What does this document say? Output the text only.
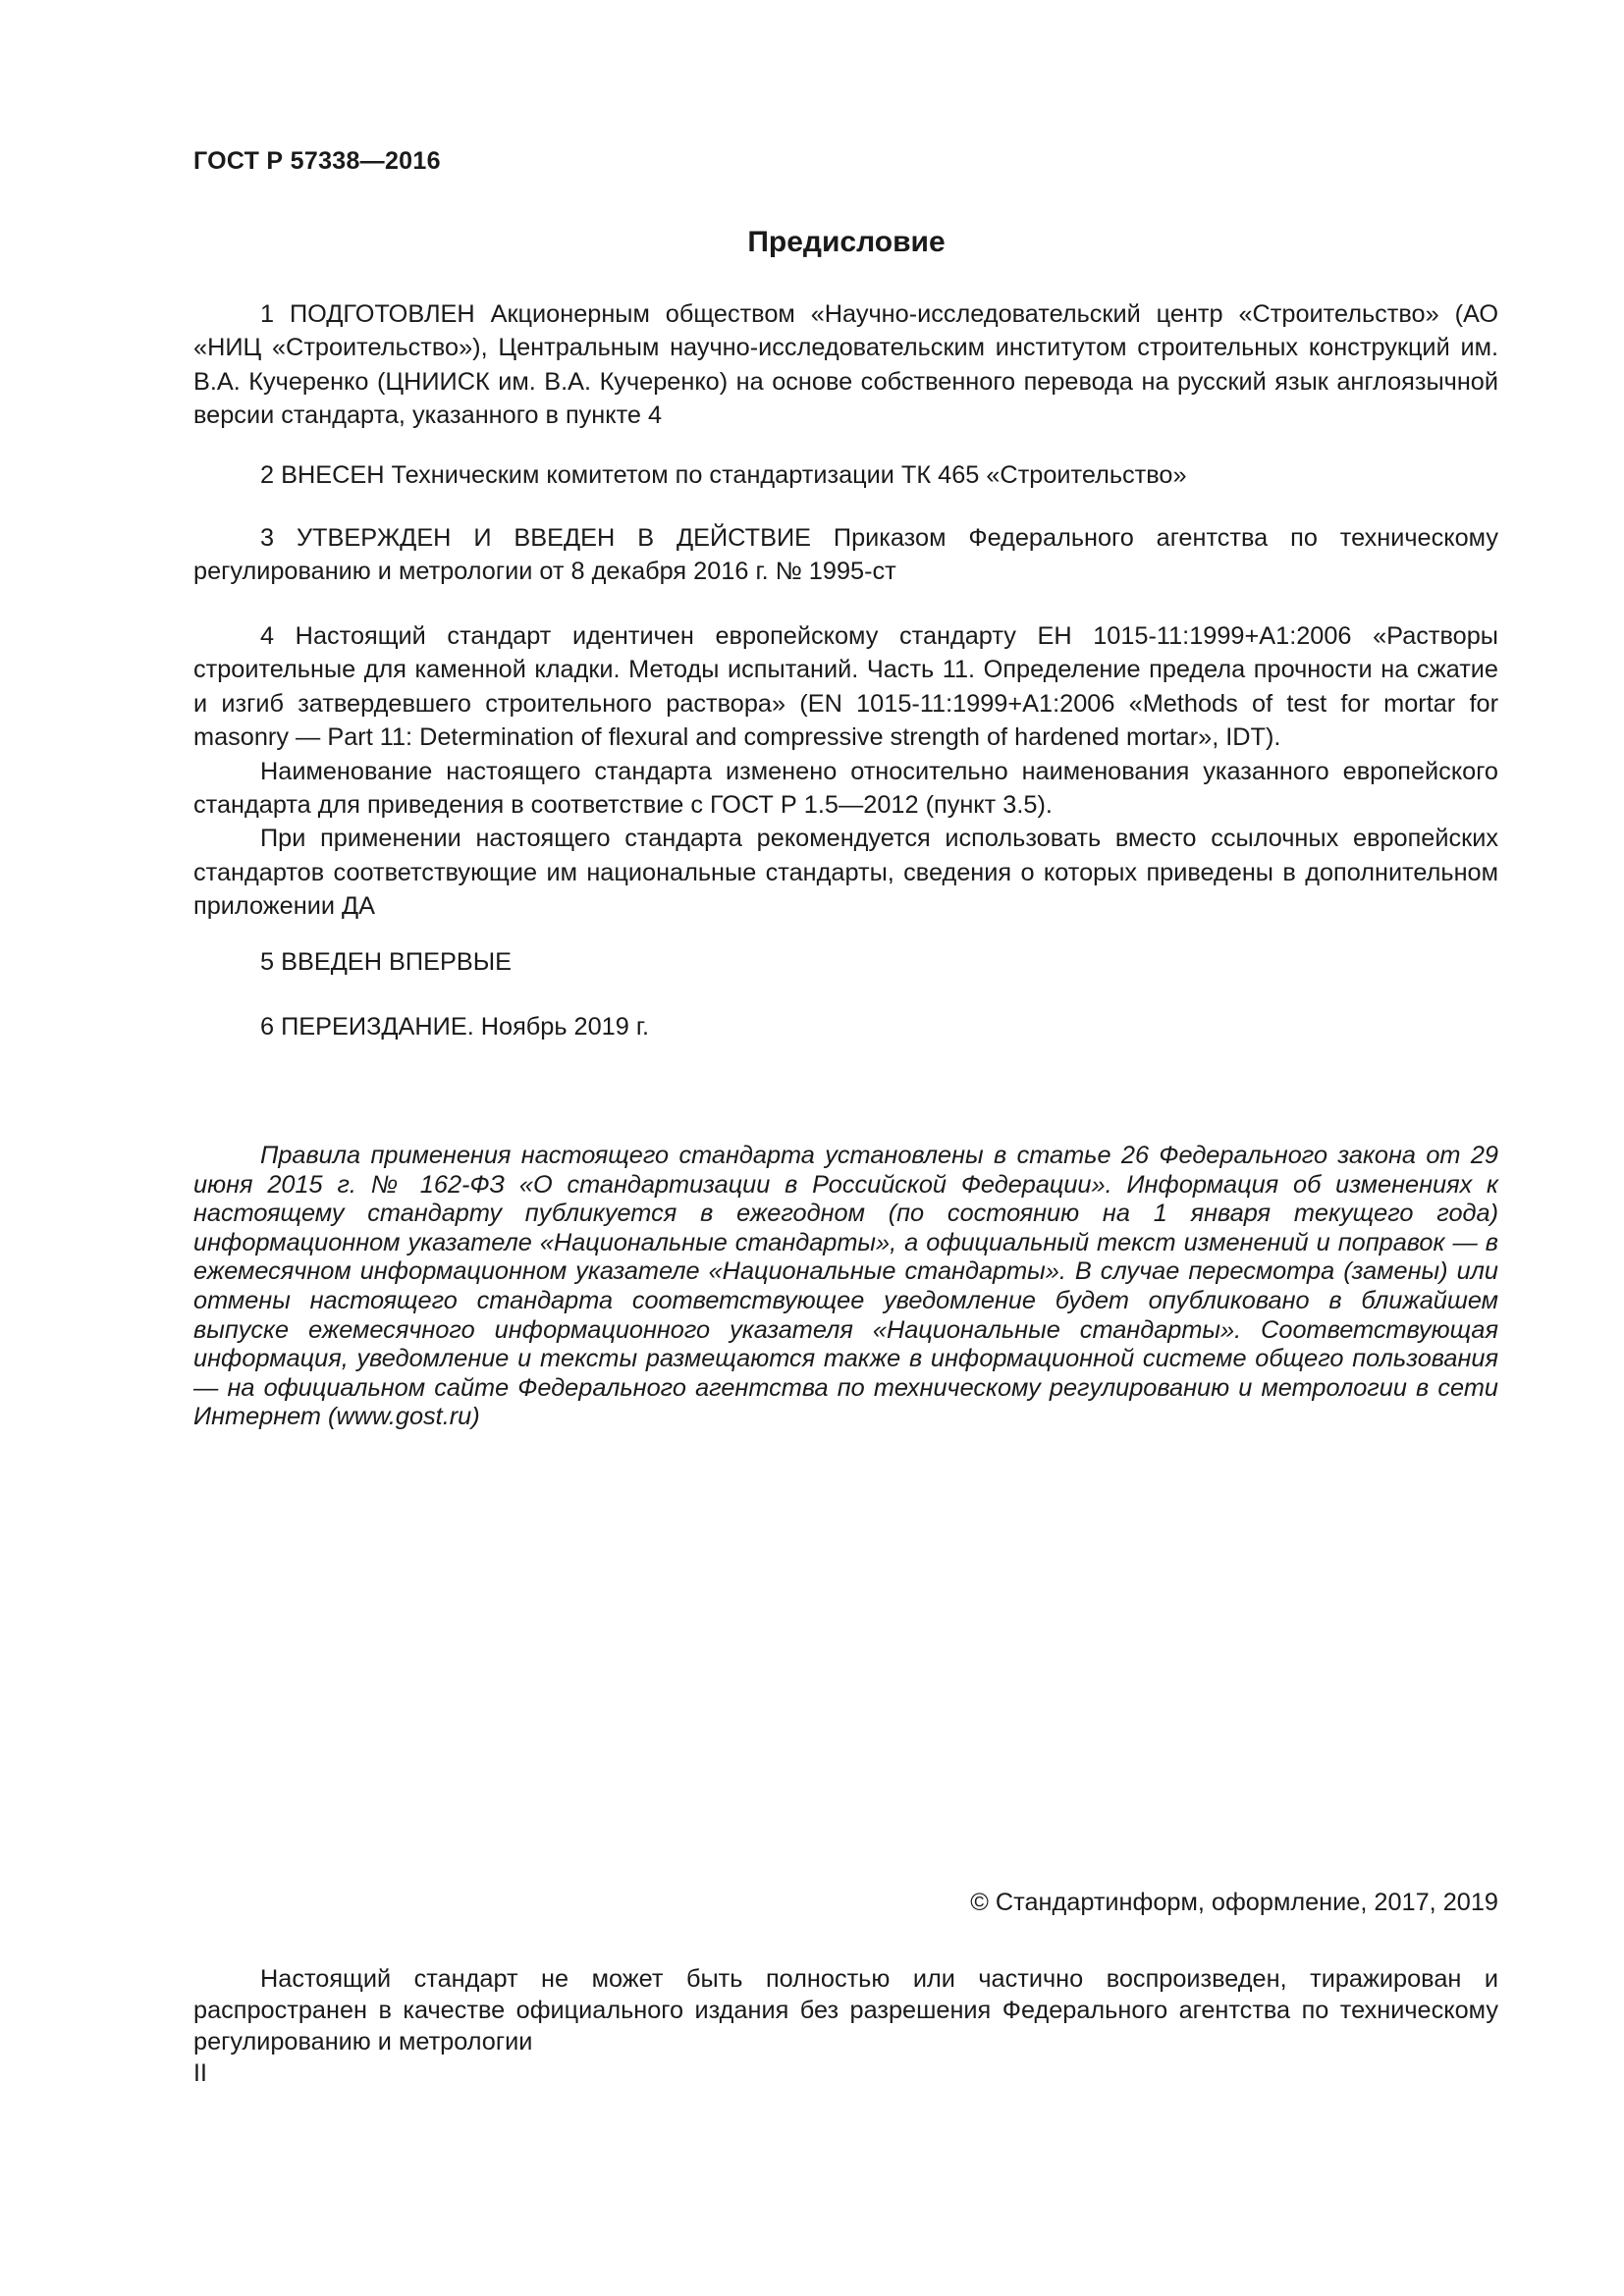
ГОСТ Р 57338—2016
Предисловие

1 ПОДГОТОВЛЕН Акционерным обществом «Научно-исследовательский центр «Строительство» (АО «НИЦ «Строительство»), Центральным научно-исследовательским институтом строительных конструкций им. В.А. Кучеренко (ЦНИИСК им. В.А. Кучеренко) на основе собственного перевода на русский язык англоязычной версии стандарта, указанного в пункте 4

2 ВНЕСЕН Техническим комитетом по стандартизации ТК 465 «Строительство»

3 УТВЕРЖДЕН И ВВЕДЕН В ДЕЙСТВИЕ Приказом Федерального агентства по техническому регулированию и метрологии от 8 декабря 2016 г. № 1995-ст

4 Настоящий стандарт идентичен европейскому стандарту ЕН 1015-11:1999+А1:2006 «Растворы строительные для каменной кладки. Методы испытаний. Часть 11. Определение предела прочности на сжатие и изгиб затвердевшего строительного раствора» (EN 1015-11:1999+A1:2006 «Methods of test for mortar for masonry — Part 11: Determination of flexural and compressive strength of hardened mortar», IDT).

Наименование настоящего стандарта изменено относительно наименования указанного европейского стандарта для приведения в соответствие с ГОСТ Р 1.5—2012 (пункт 3.5).

При применении настоящего стандарта рекомендуется использовать вместо ссылочных европейских стандартов соответствующие им национальные стандарты, сведения о которых приведены в дополнительном приложении ДА

5 ВВЕДЕН ВПЕРВЫЕ

6 ПЕРЕИЗДАНИЕ. Ноябрь 2019 г.

Правила применения настоящего стандарта установлены в статье 26 Федерального закона от 29 июня 2015 г. № 162-ФЗ «О стандартизации в Российской Федерации». Информация об изменениях к настоящему стандарту публикуется в ежегодном (по состоянию на 1 января текущего года) информационном указателе «Национальные стандарты», а официальный текст изменений и поправок — в ежемесячном информационном указателе «Национальные стандарты». В случае пересмотра (замены) или отмены настоящего стандарта соответствующее уведомление будет опубликовано в ближайшем выпуске ежемесячного информационного указателя «Национальные стандарты». Соответствующая информация, уведомление и тексты размещаются также в информационной системе общего пользования — на официальном сайте Федерального агентства по техническому регулированию и метрологии в сети Интернет (www.gost.ru)

© Стандартинформ, оформление, 2017, 2019

Настоящий стандарт не может быть полностью или частично воспроизведен, тиражирован и распространен в качестве официального издания без разрешения Федерального агентства по техническому регулированию и метрологии

II
